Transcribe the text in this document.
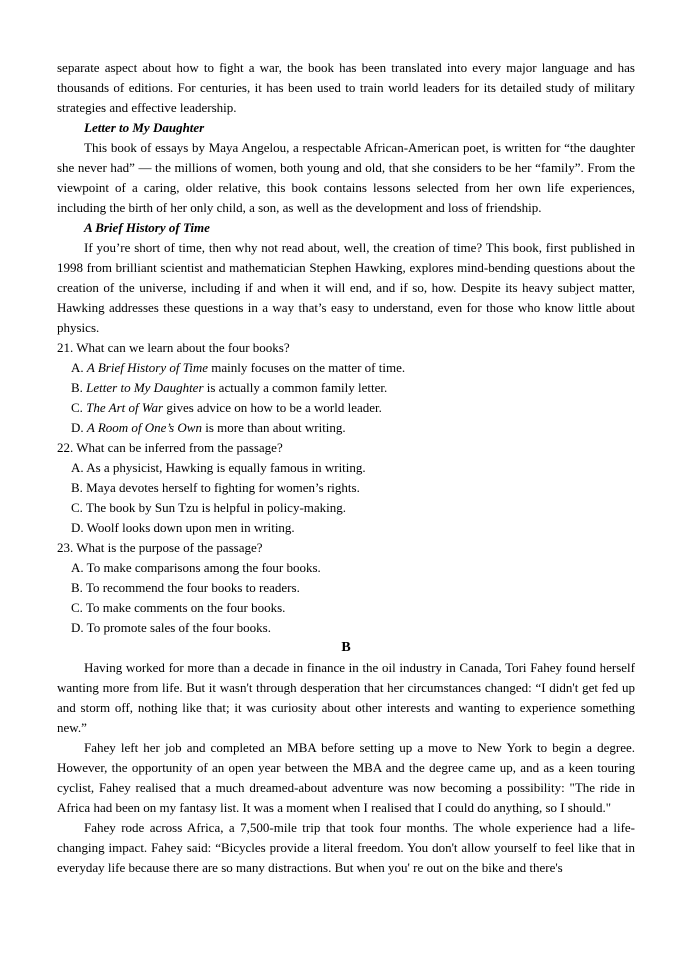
separate aspect about how to fight a war, the book has been translated into every major language and has thousands of editions. For centuries, it has been used to train world leaders for its detailed study of military strategies and effective leadership.

Letter to My Daughter

This book of essays by Maya Angelou, a respectable African-American poet, is written for “the daughter she never had” — the millions of women, both young and old, that she considers to be her “family”. From the viewpoint of a caring, older relative, this book contains lessons selected from her own life experiences, including the birth of her only child, a son, as well as the development and loss of friendship.

A Brief History of Time

If you’re short of time, then why not read about, well, the creation of time? This book, first published in 1998 from brilliant scientist and mathematician Stephen Hawking, explores mind-bending questions about the creation of the universe, including if and when it will end, and if so, how. Despite its heavy subject matter, Hawking addresses these questions in a way that’s easy to understand, even for those who know little about physics.

21. What can we learn about the four books?

A. A Brief History of Time mainly focuses on the matter of time.

B. Letter to My Daughter is actually a common family letter.

C. The Art of War gives advice on how to be a world leader.

D. A Room of One’s Own is more than about writing.

22. What can be inferred from the passage?

A. As a physicist, Hawking is equally famous in writing.

B. Maya devotes herself to fighting for women’s rights.

C. The book by Sun Tzu is helpful in policy-making.

D. Woolf looks down upon men in writing.

23. What is the purpose of the passage?

A. To make comparisons among the four books.

B. To recommend the four books to readers.

C. To make comments on the four books.

D. To promote sales of the four books.

B

Having worked for more than a decade in finance in the oil industry in Canada, Tori Fahey found herself wanting more from life. But it wasn't through desperation that her circumstances changed: “I didn't get fed up and storm off, nothing like that; it was curiosity about other interests and wanting to experience something new.”

Fahey left her job and completed an MBA before setting up a move to New York to begin a degree. However, the opportunity of an open year between the MBA and the degree came up, and as a keen touring cyclist, Fahey realised that a much dreamed-about adventure was now becoming a possibility: "The ride in Africa had been on my fantasy list. It was a moment when I realised that I could do anything, so I should."

Fahey rode across Africa, a 7,500-mile trip that took four months. The whole experience had a life-changing impact. Fahey said: “Bicycles provide a literal freedom. You don't allow yourself to feel like that in everyday life because there are so many distractions. But when you' re out on the bike and there's
